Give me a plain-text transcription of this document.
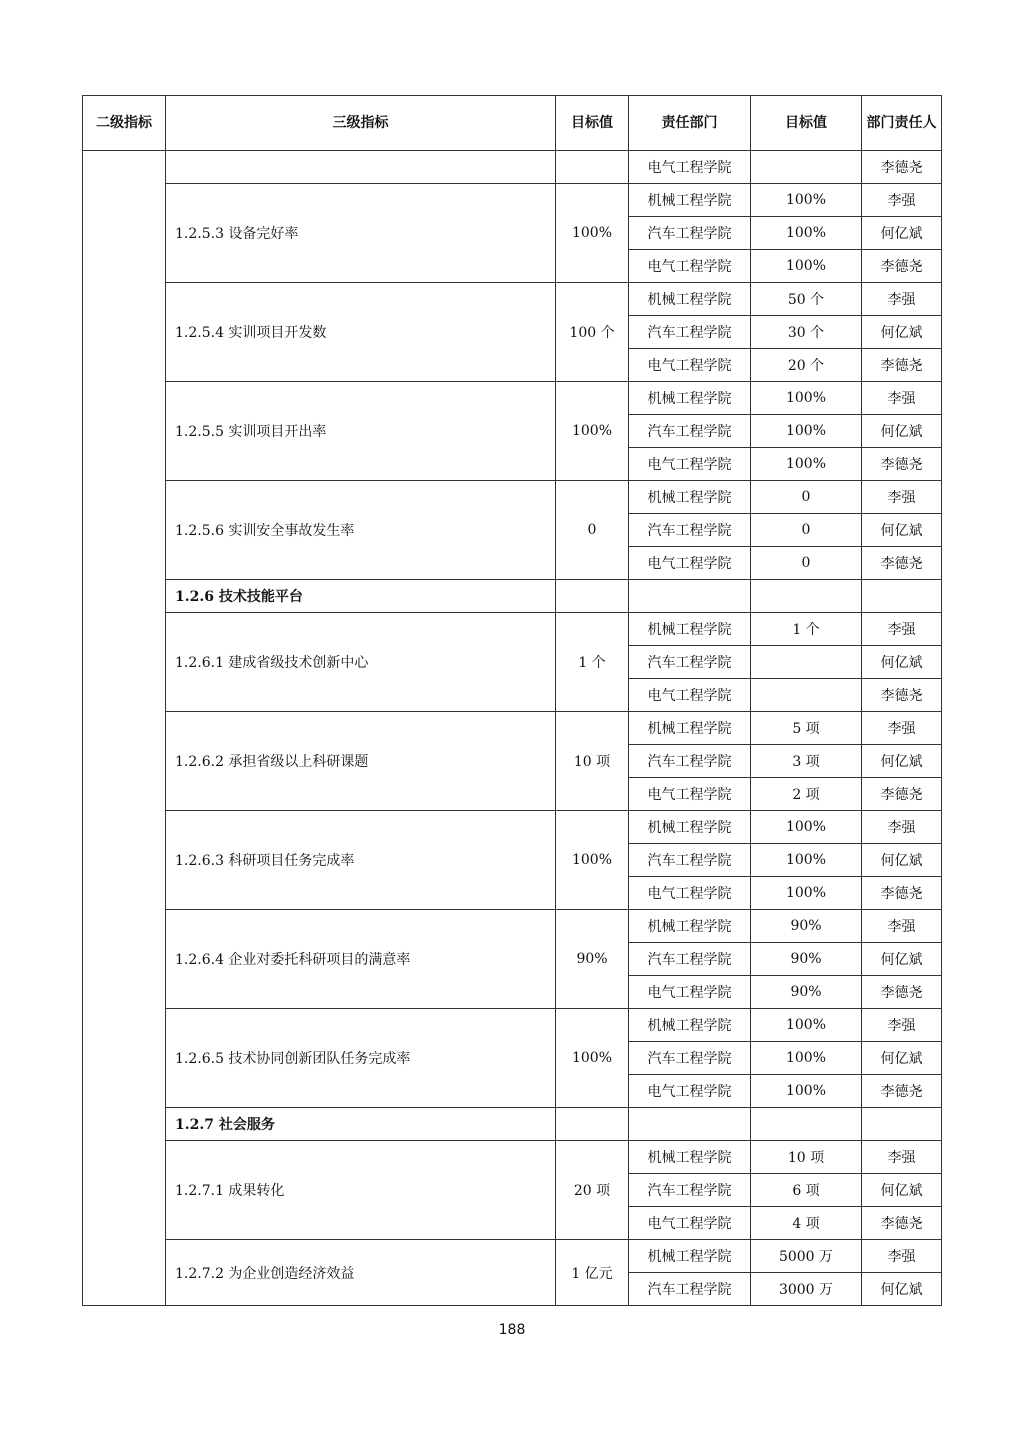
二级指标	三级指标	目标值	责任部门	目标值	部门责任人
			电气工程学院		李德尧
	1.2.5.3 设备完好率	100%	机械工程学院	100%	李强
			汽车工程学院	100%	何亿斌
			电气工程学院	100%	李德尧
	1.2.5.4 实训项目开发数	100 个	机械工程学院	50 个	李强
			汽车工程学院	30 个	何亿斌
			电气工程学院	20 个	李德尧
	1.2.5.5 实训项目开出率	100%	机械工程学院	100%	李强
			汽车工程学院	100%	何亿斌
			电气工程学院	100%	李德尧
	1.2.5.6 实训安全事故发生率	0	机械工程学院	0	李强
			汽车工程学院	0	何亿斌
			电气工程学院	0	李德尧
	1.2.6 技术技能平台				
	1.2.6.1 建成省级技术创新中心	1 个	机械工程学院	1 个	李强
			汽车工程学院		何亿斌
			电气工程学院		李德尧
	1.2.6.2 承担省级以上科研课题	10 项	机械工程学院	5 项	李强
			汽车工程学院	3 项	何亿斌
			电气工程学院	2 项	李德尧
	1.2.6.3 科研项目任务完成率	100%	机械工程学院	100%	李强
			汽车工程学院	100%	何亿斌
			电气工程学院	100%	李德尧
	1.2.6.4 企业对委托科研项目的满意率	90%	机械工程学院	90%	李强
			汽车工程学院	90%	何亿斌
			电气工程学院	90%	李德尧
	1.2.6.5 技术协同创新团队任务完成率	100%	机械工程学院	100%	李强
			汽车工程学院	100%	何亿斌
			电气工程学院	100%	李德尧
	1.2.7 社会服务				
	1.2.7.1 成果转化	20 项	机械工程学院	10 项	李强
			汽车工程学院	6 项	何亿斌
			电气工程学院	4 项	李德尧
	1.2.7.2 为企业创造经济效益	1 亿元	机械工程学院	5000 万	李强
			汽车工程学院	3000 万	何亿斌
188
